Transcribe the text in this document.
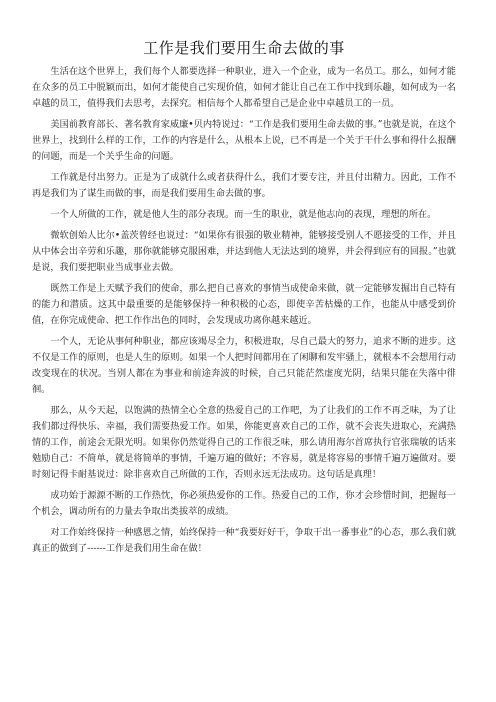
工作是我们要用生命去做的事

生活在这个世界上，我们每个人都要选择一种职业，进入一个企业，成为一名员工。那么，如何才能在众多的员工中脱颖而出，如何才能使自己实现价值，如何才能让自己在工作中找到乐趣，如何成为一名卓越的员工，值得我们去思考，去探究。相信每个人都希望自己是企业中卓越员工的一员。

美国前教育部长、著名教育家威廉•贝内特说过：“工作是我们要用生命去做的事。”也就是说，在这个世界上，找到什么样的工作，工作的内容是什么，从根本上说，已不再是一个关于干什么事和得什么报酬的问题，而是一个关乎生命的问题。

工作就是付出努力。正是为了成就什么或者获得什么，我们才要专注，并且付出精力。因此，工作不再是我们为了谋生而做的事，而是我们要用生命去做的事。

一个人所做的工作，就是他人生的部分表现。而一生的职业，就是他志向的表现，理想的所在。

微软创始人比尔•盖茨曾经也说过：“如果你有很强的敬业精神，能够接受别人不愿接受的工作，并且从中体会出辛劳和乐趣，那你就能够克服困难，并达到他人无法达到的境界，并会得到应有的回报。”也就是说，我们要把职业当成事业去做。

既然工作是上天赋予我们的使命，那么把自己喜欢的事情当成使命来做，就一定能够发掘出自己特有的能力和潜质。这其中最重要的是能够保持一种积极的心态，即使辛苦枯燥的工作，也能从中感受到价值，在你完成使命、把工作作出色的同时，会发现成功离你越来越近。

一个人，无论从事何种职业，都应该竭尽全力，积极进取，尽自己最大的努力，追求不断的进步。这不仅是工作的原则，也是人生的原则。如果一个人把时间都用在了闲聊和发牢骚上，就根本不会想用行动改变现在的状况。当别人都在为事业和前途奔波的时候，自己只能茫然虚度光阴，结果只能在失落中徘徊。

那么，从今天起，以饱满的热情全心全意的热爱自己的工作吧，为了让我们的工作不再乏味，为了让我们都过得快乐、幸福，我们需要热爱工作。如果，你能更喜欢自己的工作，就不会丧失进取心，充满热情的工作，前途会无限光明。如果你仍然觉得自己的工作很乏味，那么请用海尔首席执行官张瑞敏的话来勉励自己：不简单，就是将简单的事情，千遍万遍的做好；不容易，就是将容易的事情千遍万遍做对。要时刻记得卡耐基说过：除非喜欢自己所做的工作，否则永远无法成功。这句话是真理！

成功始于源源不断的工作热忱，你必须热爱你的工作。热爱自己的工作，你才会珍惜时间，把握每一个机会，调动所有的力量去争取出类拔萃的成绩。

对工作始终保持一种感恩之情，始终保持一种“我要好好干，争取干出一番事业”的心态，那么我们就真正的做到了------工作是我们用生命在做！
